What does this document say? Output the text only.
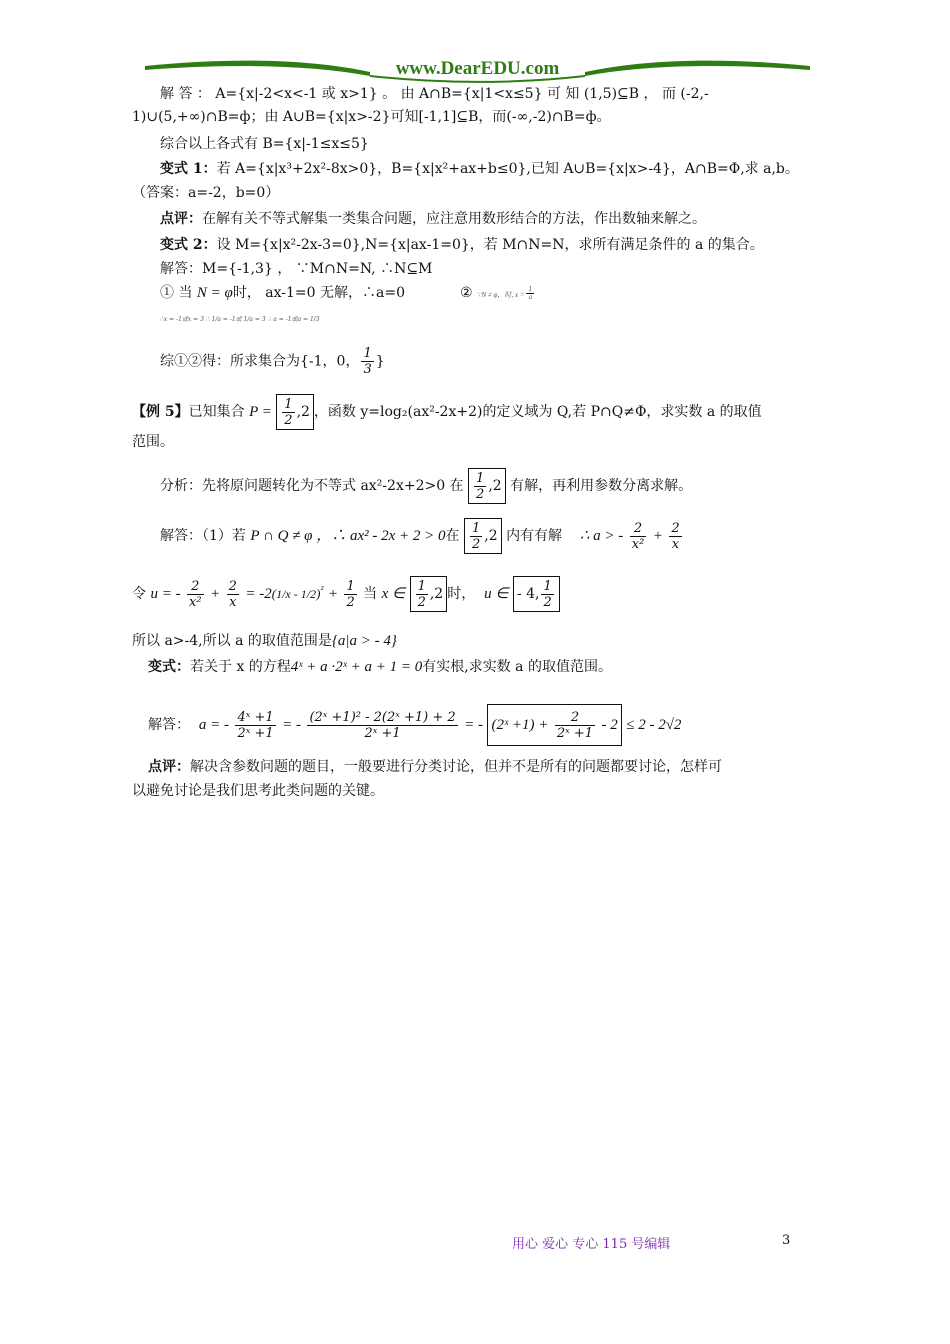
www.DearEDU.com
解 答 ： A={x|-2<x<-1 或 x>1} 。 由 A∩B={x|1<x≤5} 可 知 (1,5)⊆B ， 而 (-2,-
1)∪(5,+∞)∩B=ф；由 A∪B={x|x>-2}可知[-1,1]⊆B，而(-∞,-2)∩B=ф。
综合以上各式有 B={x|-1≤x≤5}
变式 1：若 A={x|x³+2x²-8x>0}，B={x|x²+ax+b≤0},已知 A∪B={x|x>-4}，A∩B=Φ,求 a,b。
（答案：a=-2，b=0）
点评：在解有关不等式解集一类集合问题，应注意用数形结合的方法，作出数轴来解之。
变式 2：设 M={x|x²-2x-3=0},N={x|ax-1=0}，若 M∩N=N，求所有满足条件的 a 的集合。
解答：M={-1,3} ， ∵M∩N=N, ∴N⊆M
① 当 N = φ时， ax-1=0 无解，∴a=0	② ∵N ≠ φ，时, $x = \frac{1}{a}$
∴x = -1或x = 3 ∴ 1/a = -1或 1/a = 3 ∴ a = -1或a = 1/3
综①②得：所求集合为{-1，0， $\frac{1}{3}$ }
【例 5】已知集合 $P = \frac{1}{2} ,2$ ，函数 y=log₂(ax²-2x+2)的定义域为 Q,若 P∩Q≠Φ，求实数 a 的取值
范围。
分析：先将原问题转化为不等式 ax²-2x+2>0 在 $\frac{1}{2} ,2$ 有解，再利用参数分离求解。
解答：（1）若 P ∩ Q ≠ φ ，∴ ax² - 2x + 2 > 0在 $\frac{1}{2} ,2$ 内有有解 ∴ a > - $\frac{2}{\text{x²}} + \frac{2}{x}$
令 u = - $\frac{2}{\text{x²}} + \frac{2}{x} = -2(1/x - 1/2)^{^2} + \frac{1}{2}$ 当 x ∈ $\frac{1}{2} ,2$ 时， u ∈ - 4, $\frac{1}{2}$
所以 a>-4,所以 a 的取值范围是{a|a > - 4}
变式：若关于 x 的方程4ˣ + a ·2ˣ + a + 1 = 0有实根,求实数 a 的取值范围。
解答： a = - $\frac{\text{4ˣ +1}}{\text{2ˣ +1}}$ = - $\frac{\text{(2ˣ +1)² - 2(2ˣ +1) + 2}}{\text{2ˣ +1}}$ = - (2ˣ $+1) + \frac{2}{\text{2ˣ +1}} - 2 \le 2 - 2√2$
点评：解决含参数问题的题目，一般要进行分类讨论，但并不是所有的问题都要讨论，怎样可
以避免讨论是我们思考此类问题的关键。
用心 爱心 专心 115 号编辑	3
